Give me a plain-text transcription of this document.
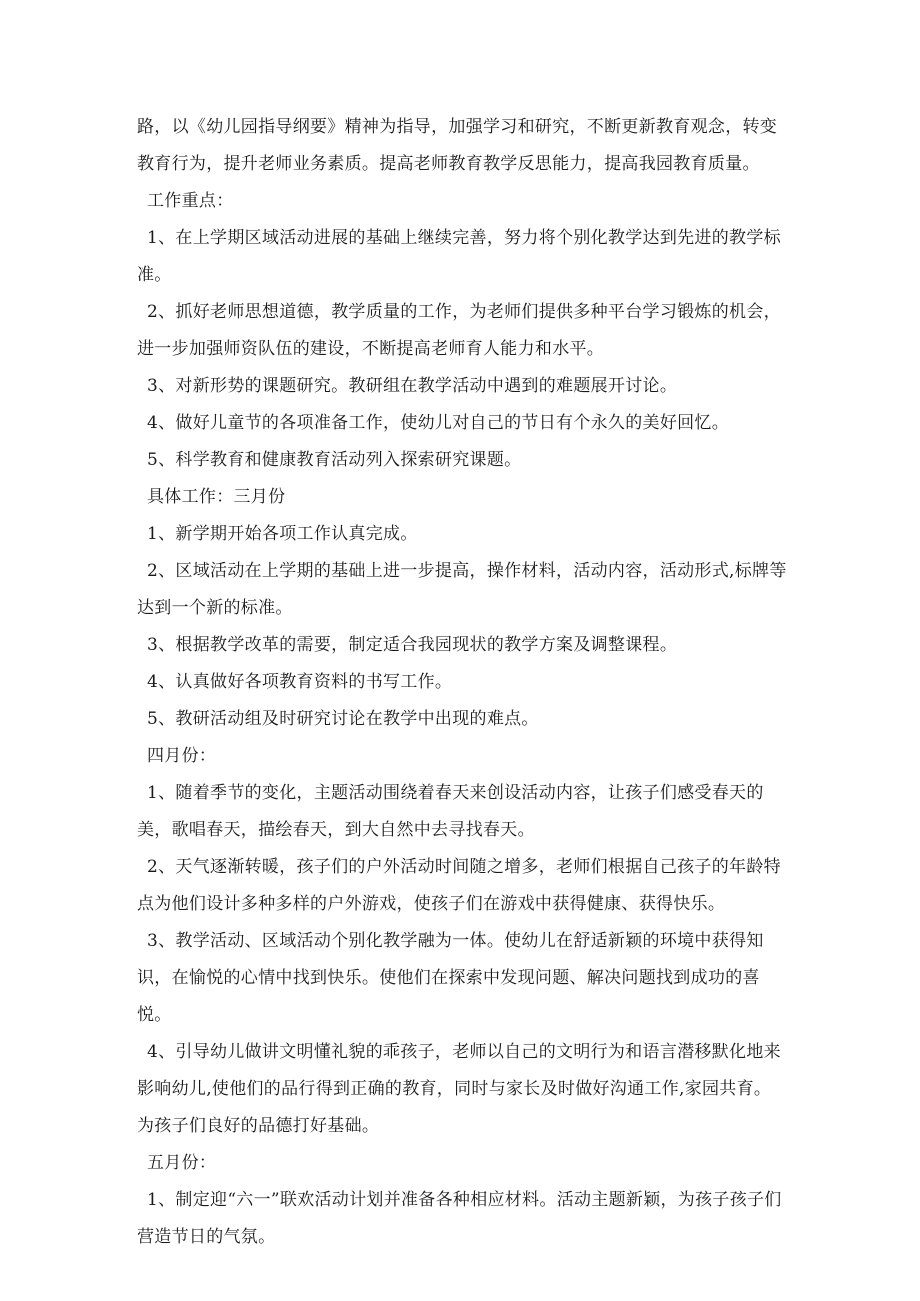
路，以《幼儿园指导纲要》精神为指导，加强学习和研究，不断更新教育观念，转变教育行为，提升老师业务素质。提高老师教育教学反思能力，提高我园教育质量。

工作重点：

1、在上学期区域活动进展的基础上继续完善，努力将个别化教学达到先进的教学标准。

2、抓好老师思想道德，教学质量的工作，为老师们提供多种平台学习锻炼的机会，进一步加强师资队伍的建设，不断提高老师育人能力和水平。

3、对新形势的课题研究。教研组在教学活动中遇到的难题展开讨论。

4、做好儿童节的各项准备工作，使幼儿对自己的节日有个永久的美好回忆。

5、科学教育和健康教育活动列入探索研究课题。

具体工作：三月份

1、新学期开始各项工作认真完成。

2、区域活动在上学期的基础上进一步提高，操作材料，活动内容，活动形式,标牌等达到一个新的标准。

3、根据教学改革的需要，制定适合我园现状的教学方案及调整课程。

4、认真做好各项教育资料的书写工作。

5、教研活动组及时研究讨论在教学中出现的难点。

四月份：

1、随着季节的变化，主题活动围绕着春天来创设活动内容，让孩子们感受春天的美，歌唱春天，描绘春天，到大自然中去寻找春天。

2、天气逐渐转暖，孩子们的户外活动时间随之增多，老师们根据自己孩子的年龄特点为他们设计多种多样的户外游戏，使孩子们在游戏中获得健康、获得快乐。

3、教学活动、区域活动个别化教学融为一体。使幼儿在舒适新颖的环境中获得知识，在愉悦的心情中找到快乐。使他们在探索中发现问题、解决问题找到成功的喜悦。

4、引导幼儿做讲文明懂礼貌的乖孩子，老师以自己的文明行为和语言潜移默化地来影响幼儿,使他们的品行得到正确的教育，同时与家长及时做好沟通工作,家园共育。为孩子们良好的品德打好基础。

五月份：

1、制定迎“六一”联欢活动计划并准备各种相应材料。活动主题新颖，为孩子孩子们营造节日的气氛。
